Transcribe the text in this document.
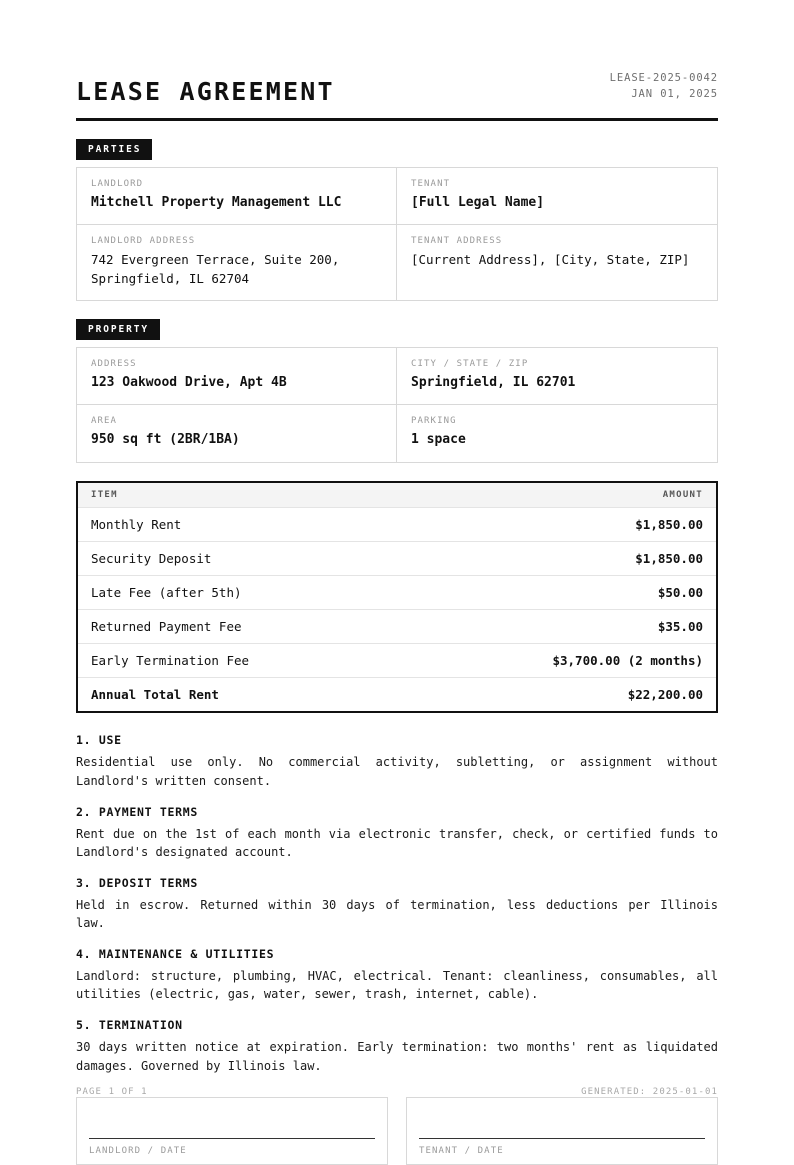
LEASE AGREEMENT	LEASE-2025-0042
JAN 01, 2025
PARTIES
LANDLORD
Mitchell Property Management LLC
TENANT
[Full Legal Name]
LANDLORD ADDRESS
742 Evergreen Terrace, Suite 200, Springfield, IL 62704
TENANT ADDRESS
[Current Address], [City, State, ZIP]
PROPERTY
ADDRESS
123 Oakwood Drive, Apt 4B
CITY / STATE / ZIP
Springfield, IL 62701
AREA
950 sq ft (2BR/1BA)
PARKING
1 space
ITEM	AMOUNT
Monthly Rent	$1,850.00
Security Deposit	$1,850.00
Late Fee (after 5th)	$50.00
Returned Payment Fee	$35.00
Early Termination Fee	$3,700.00 (2 months)
Annual Total Rent	$22,200.00
1. USE
Residential use only. No commercial activity, subletting, or assignment without Landlord's written consent.
2. PAYMENT TERMS
Rent due on the 1st of each month via electronic transfer, check, or certified funds to Landlord's designated account.
3. DEPOSIT TERMS
Held in escrow. Returned within 30 days of termination, less deductions per Illinois law.
4. MAINTENANCE & UTILITIES
Landlord: structure, plumbing, HVAC, electrical. Tenant: cleanliness, consumables, all utilities (electric, gas, water, sewer, trash, internet, cable).
5. TERMINATION
30 days written notice at expiration. Early termination: two months' rent as liquidated damages. Governed by Illinois law.
LANDLORD / DATE	TENANT / DATE
PAGE 1 OF 1	GENERATED: 2025-01-01
